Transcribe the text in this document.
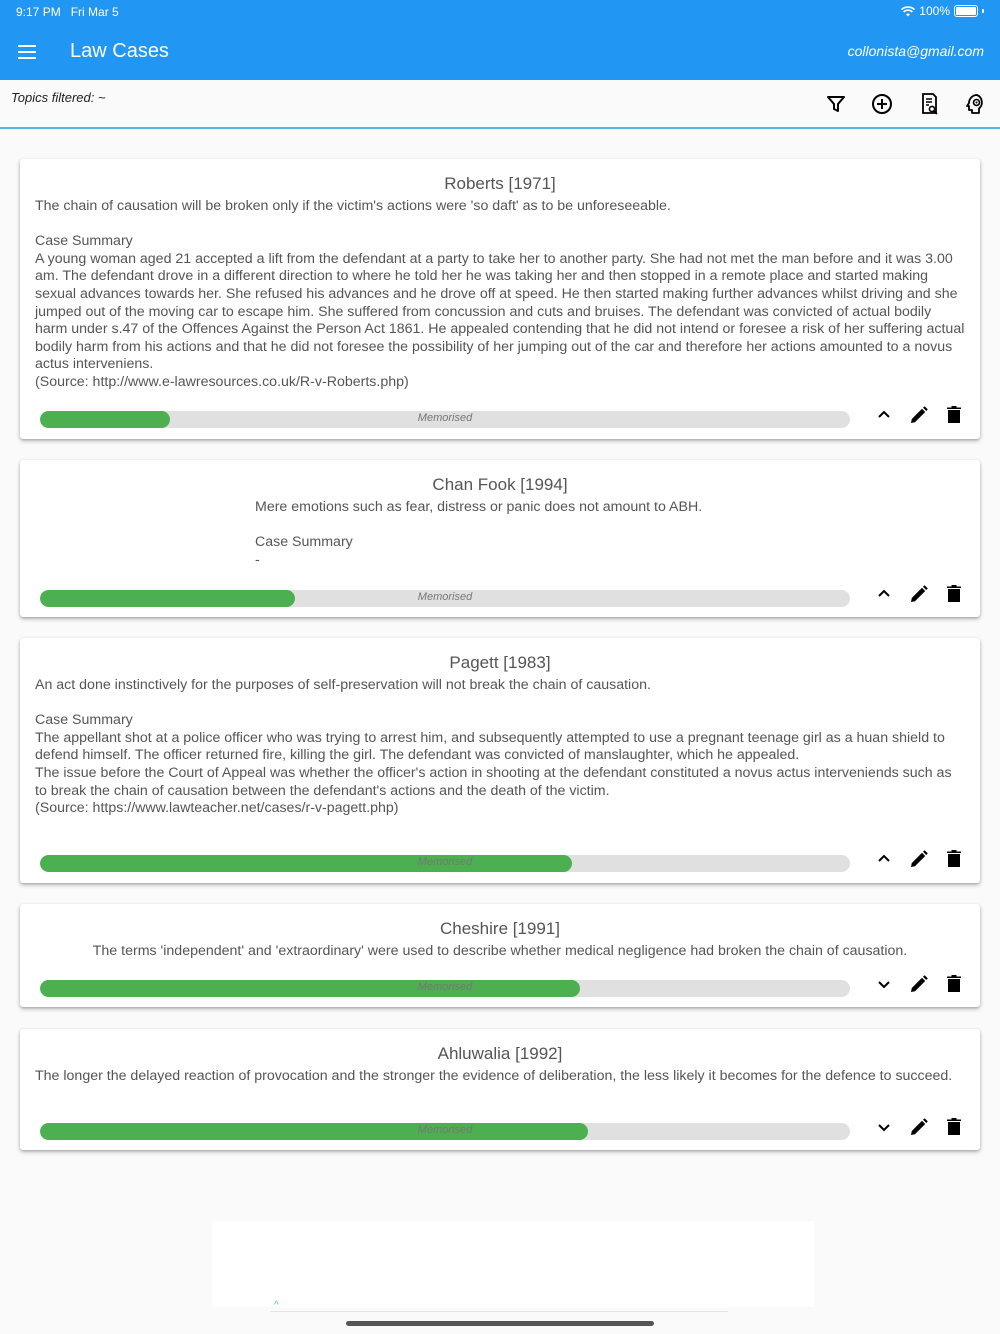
9:17 PM Fri Mar 5	100%
Law Cases	collonista@gmail.com
Topics filtered: ~
Roberts [1971]

The chain of causation will be broken only if the victim's actions were 'so daft' as to be unforeseeable.

Case Summary

A young woman aged 21 accepted a lift from the defendant at a party to take her to another party. She had not met the man before and it was 3.00 am. The defendant drove in a different direction to where he told her he was taking her and then stopped in a remote place and started making sexual advances towards her. She refused his advances and he drove off at speed. He then started making further advances whilst driving and she jumped out of the moving car to escape him. She suffered from concussion and cuts and bruises. The defendant was convicted of actual bodily harm under s.47 of the Offences Against the Person Act 1861. He appealed contending that he did not intend or foresee a risk of her suffering actual bodily harm from his actions and that he did not foresee the possibility of her jumping out of the car and therefore her actions amounted to a novus actus interveniens.
(Source: http://www.e-lawresources.co.uk/R-v-Roberts.php)

Memorised
Chan Fook [1994]

Mere emotions such as fear, distress or panic does not amount to ABH.

Case Summary

-

Memorised
Pagett [1983]

An act done instinctively for the purposes of self-preservation will not break the chain of causation.

Case Summary

The appellant shot at a police officer who was trying to arrest him, and subsequently attempted to use a pregnant teenage girl as a huan shield to defend himself. The officer returned fire, killing the girl. The defendant was convicted of manslaughter, which he appealed.
The issue before the Court of Appeal was whether the officer's action in shooting at the defendant constituted a novus actus interveniends such as to break the chain of causation between the defendant's actions and the death of the victim.
(Source: https://www.lawteacher.net/cases/r-v-pagett.php)

Memorised
Cheshire [1991]

The terms 'independent' and 'extraordinary' were used to describe whether medical negligence had broken the chain of causation.

Memorised
Ahluwalia [1992]

The longer the delayed reaction of provocation and the stronger the evidence of deliberation, the less likely it becomes for the defence to succeed.

Memorised
^
